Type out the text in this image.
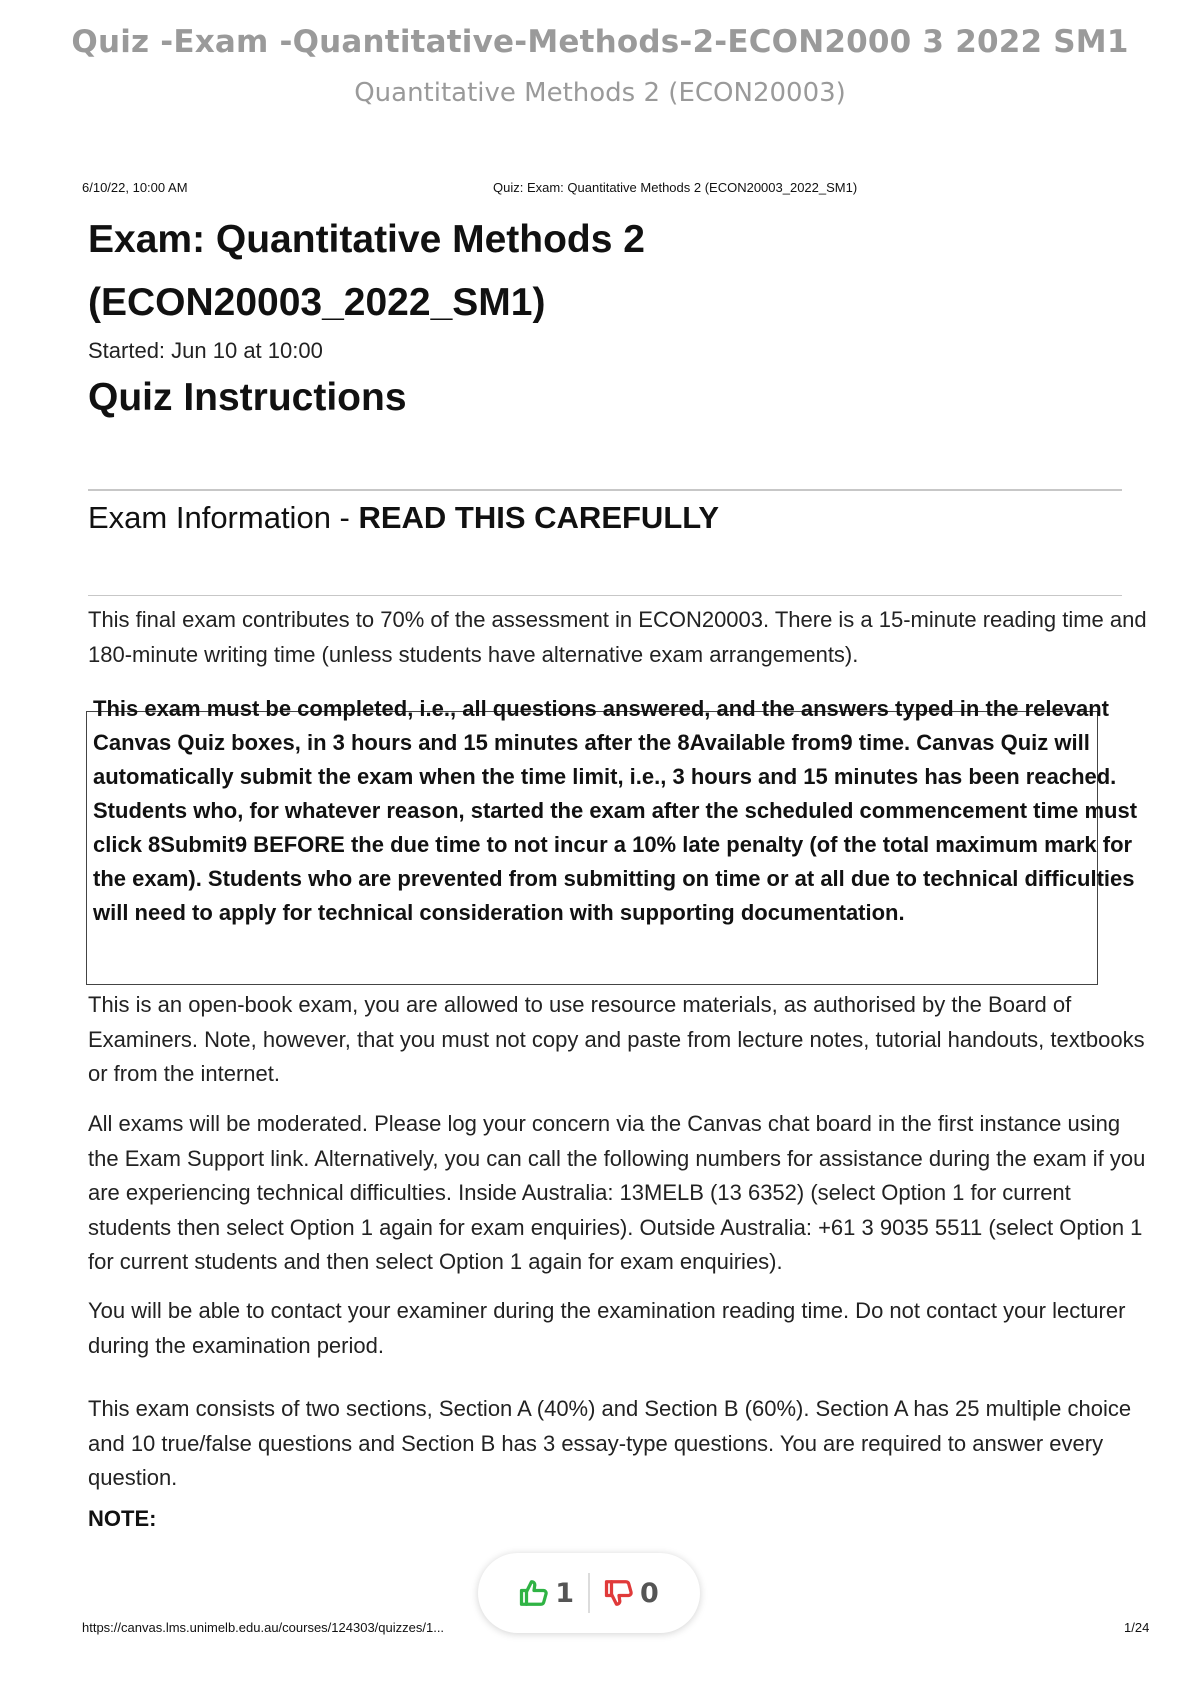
Quiz -Exam -Quantitative-Methods-2-ECON2000 3 2022 SM1
Quantitative Methods 2 (ECON20003)
6/10/22, 10:00 AM	Quiz: Exam: Quantitative Methods 2 (ECON20003_2022_SM1)
Exam: Quantitative Methods 2
(ECON20003_2022_SM1)
Started: Jun 10 at 10:00
Quiz Instructions
Exam Information - READ THIS CAREFULLY

This final exam contributes to 70% of the assessment in ECON20003. There is a 15-minute reading time and 180-minute writing time (unless students have alternative exam arrangements).

This exam must be completed, i.e., all questions answered, and the answers typed in the relevant Canvas Quiz boxes, in 3 hours and 15 minutes after the 8Available from9 time. Canvas Quiz will automatically submit the exam when the time limit, i.e., 3 hours and 15 minutes has been reached. Students who, for whatever reason, started the exam after the scheduled commencement time must click 8Submit9 BEFORE the due time to not incur a 10% late penalty (of the total maximum mark for the exam). Students who are prevented from submitting on time or at all due to technical difficulties will need to apply for technical consideration with supporting documentation.

This is an open-book exam, you are allowed to use resource materials, as authorised by the Board of Examiners. Note, however, that you must not copy and paste from lecture notes, tutorial handouts, textbooks or from the internet.

All exams will be moderated. Please log your concern via the Canvas chat board in the first instance using the Exam Support link. Alternatively, you can call the following numbers for assistance during the exam if you are experiencing technical difficulties. Inside Australia: 13MELB (13 6352) (select Option 1 for current students then select Option 1 again for exam enquiries). Outside Australia: +61 3 9035 5511 (select Option 1 for current students and then select Option 1 again for exam enquiries).

You will be able to contact your examiner during the examination reading time. Do not contact your lecturer during the examination period.

This exam consists of two sections, Section A (40%) and Section B (60%). Section A has 25 multiple choice and 10 true/false questions and Section B has 3 essay-type questions. You are required to answer every question.

NOTE:
1 0
https://canvas.lms.unimelb.edu.au/courses/124303/quizzes/1...	1/24
